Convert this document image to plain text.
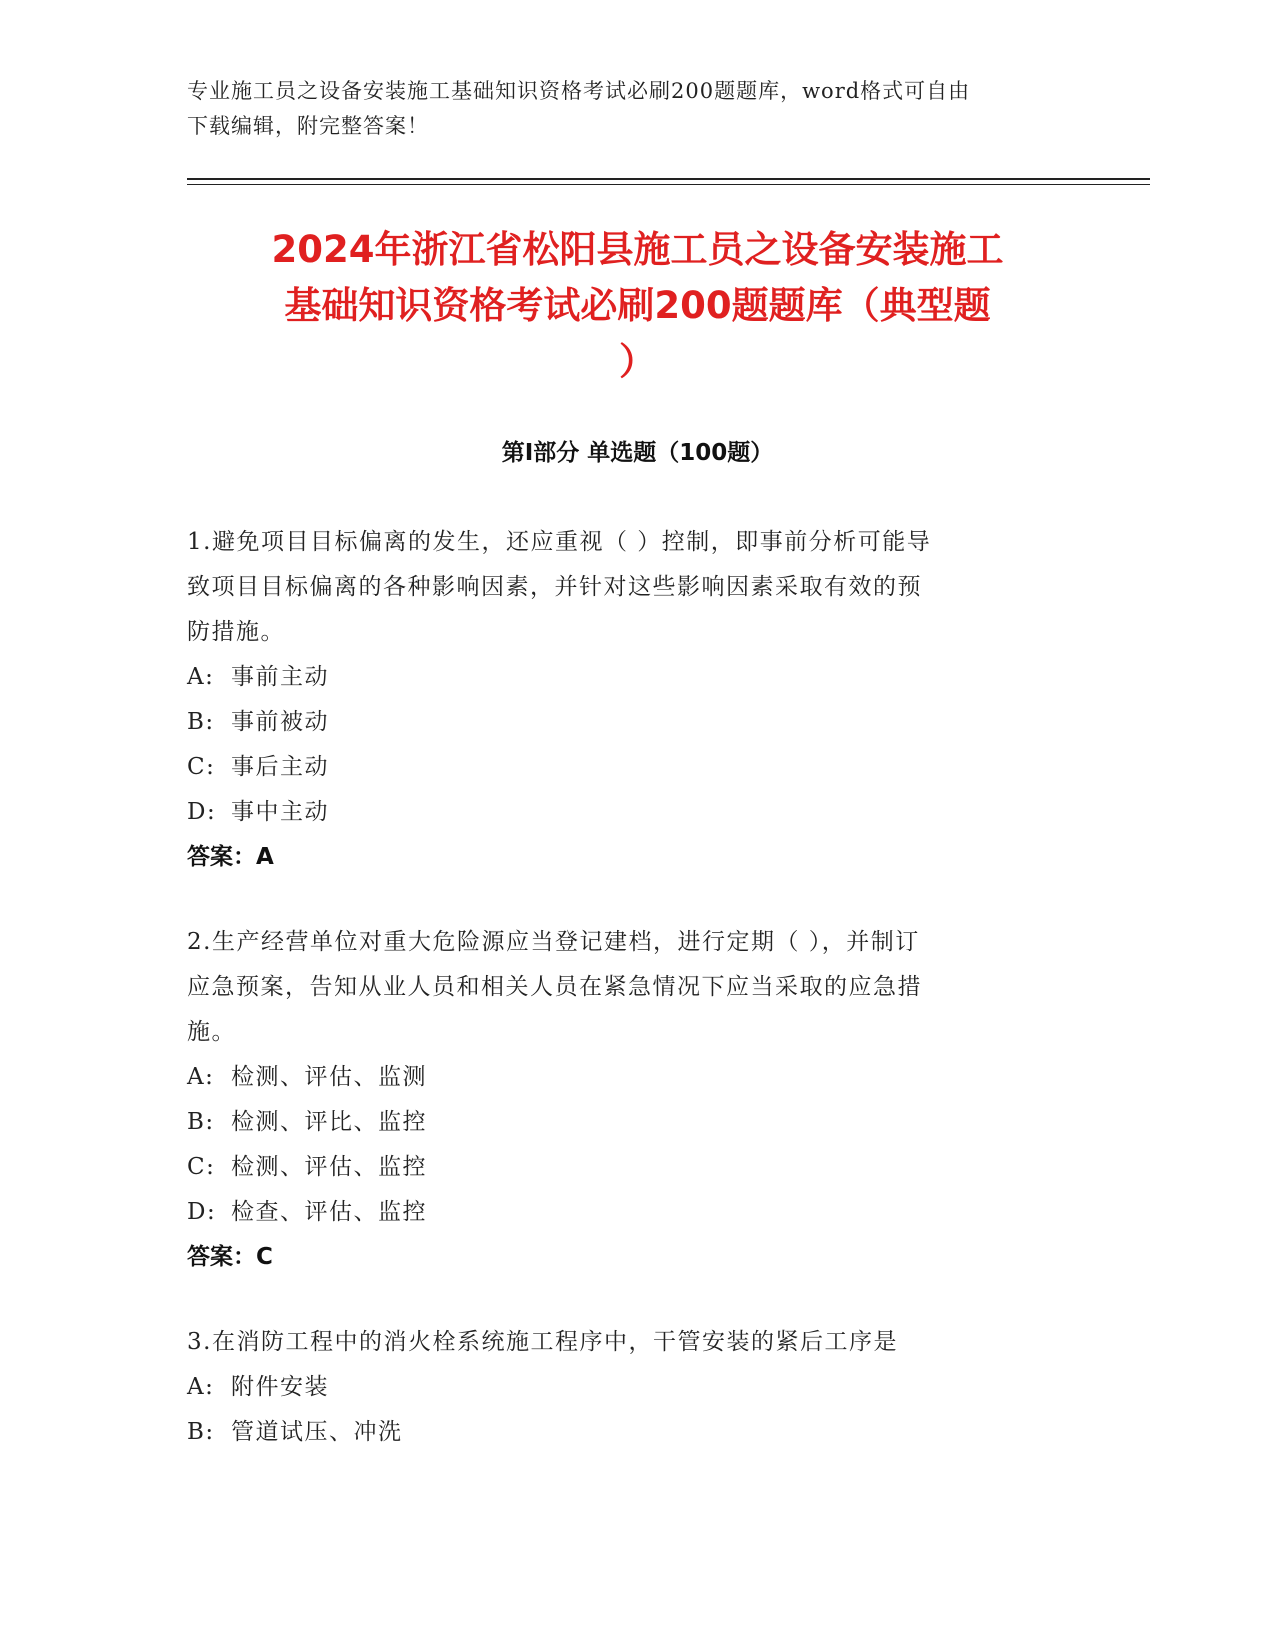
专业施工员之设备安装施工基础知识资格考试必刷200题题库，word格式可自由
下载编辑，附完整答案！
2024年浙江省松阳县施工员之设备安装施工
基础知识资格考试必刷200题题库（典型题
）
第Ⅰ部分 单选题（100题）
1.避免项目目标偏离的发生，还应重视（ ）控制，即事前分析可能导
致项目目标偏离的各种影响因素，并针对这些影响因素采取有效的预
防措施。
A: 事前主动
B: 事前被动
C: 事后主动
D: 事中主动
答案：A
2.生产经营单位对重大危险源应当登记建档，进行定期（ ），并制订
应急预案，告知从业人员和相关人员在紧急情况下应当采取的应急措
施。
A: 检测、评估、监测
B: 检测、评比、监控
C: 检测、评估、监控
D: 检查、评估、监控
答案：C
3.在消防工程中的消火栓系统施工程序中，干管安装的紧后工序是
A: 附件安装
B: 管道试压、冲洗
